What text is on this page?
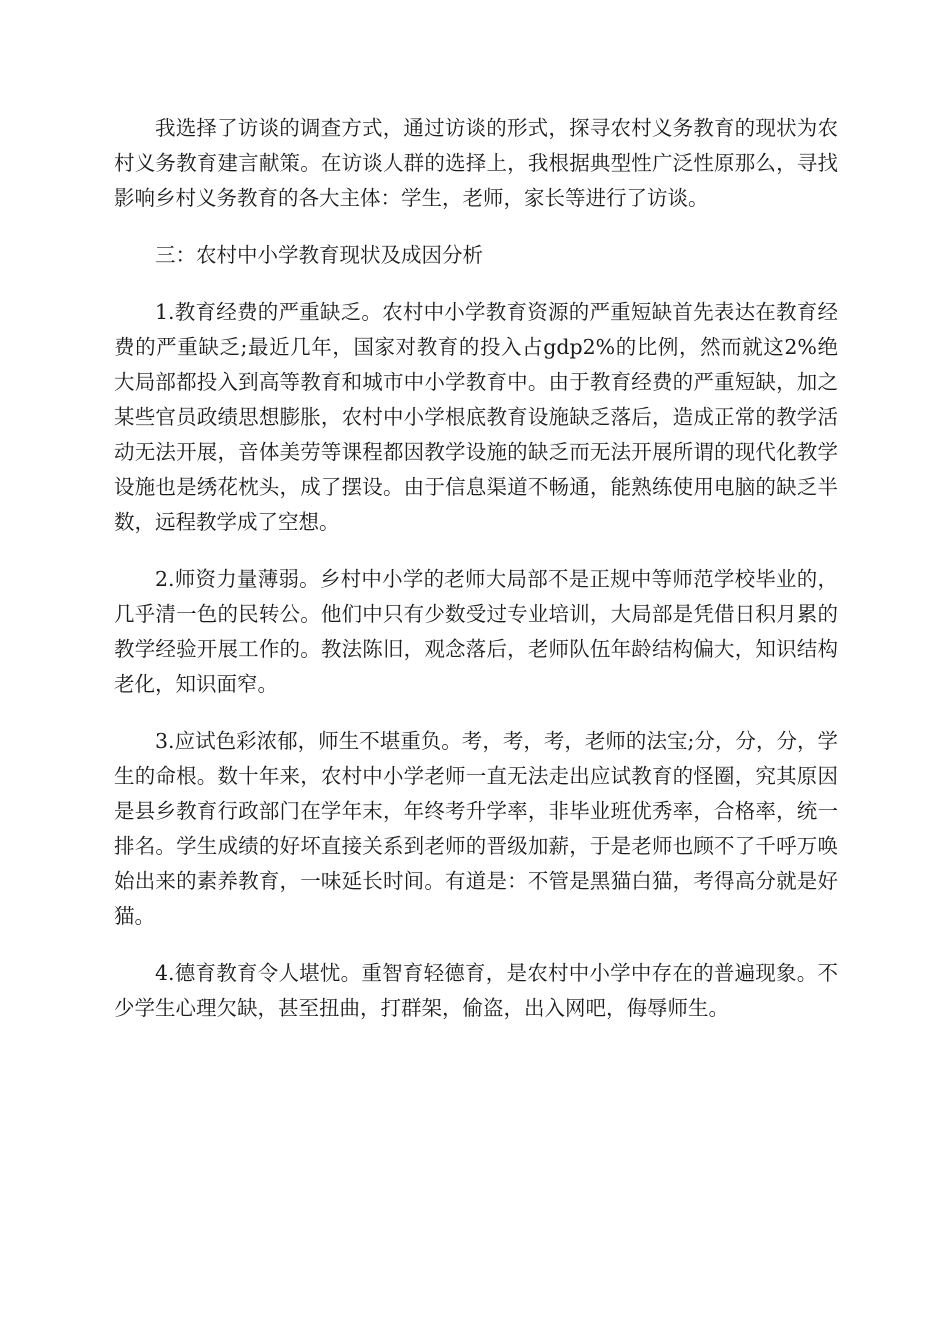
我选择了访谈的调查方式，通过访谈的形式，探寻农村义务教育的现状为农村义务教育建言献策。在访谈人群的选择上，我根据典型性广泛性原那么，寻找影响乡村义务教育的各大主体：学生，老师，家长等进行了访谈。

三：农村中小学教育现状及成因分析

1.教育经费的严重缺乏。农村中小学教育资源的严重短缺首先表达在教育经费的严重缺乏;最近几年，国家对教育的投入占gdp2%的比例，然而就这2%绝大局部都投入到高等教育和城市中小学教育中。由于教育经费的严重短缺，加之某些官员政绩思想膨胀，农村中小学根底教育设施缺乏落后，造成正常的教学活动无法开展，音体美劳等课程都因教学设施的缺乏而无法开展所谓的现代化教学设施也是绣花枕头，成了摆设。由于信息渠道不畅通，能熟练使用电脑的缺乏半数，远程教学成了空想。

2.师资力量薄弱。乡村中小学的老师大局部不是正规中等师范学校毕业的，几乎清一色的民转公。他们中只有少数受过专业培训，大局部是凭借日积月累的教学经验开展工作的。教法陈旧，观念落后，老师队伍年龄结构偏大，知识结构老化，知识面窄。

3.应试色彩浓郁，师生不堪重负。考，考，考，老师的法宝;分，分，分，学生的命根。数十年来，农村中小学老师一直无法走出应试教育的怪圈，究其原因是县乡教育行政部门在学年末，年终考升学率，非毕业班优秀率，合格率，统一排名。学生成绩的好坏直接关系到老师的晋级加薪，于是老师也顾不了千呼万唤始出来的素养教育，一味延长时间。有道是：不管是黑猫白猫，考得高分就是好猫。

4.德育教育令人堪忧。重智育轻德育，是农村中小学中存在的普遍现象。不少学生心理欠缺，甚至扭曲，打群架，偷盗，出入网吧，侮辱师生。
